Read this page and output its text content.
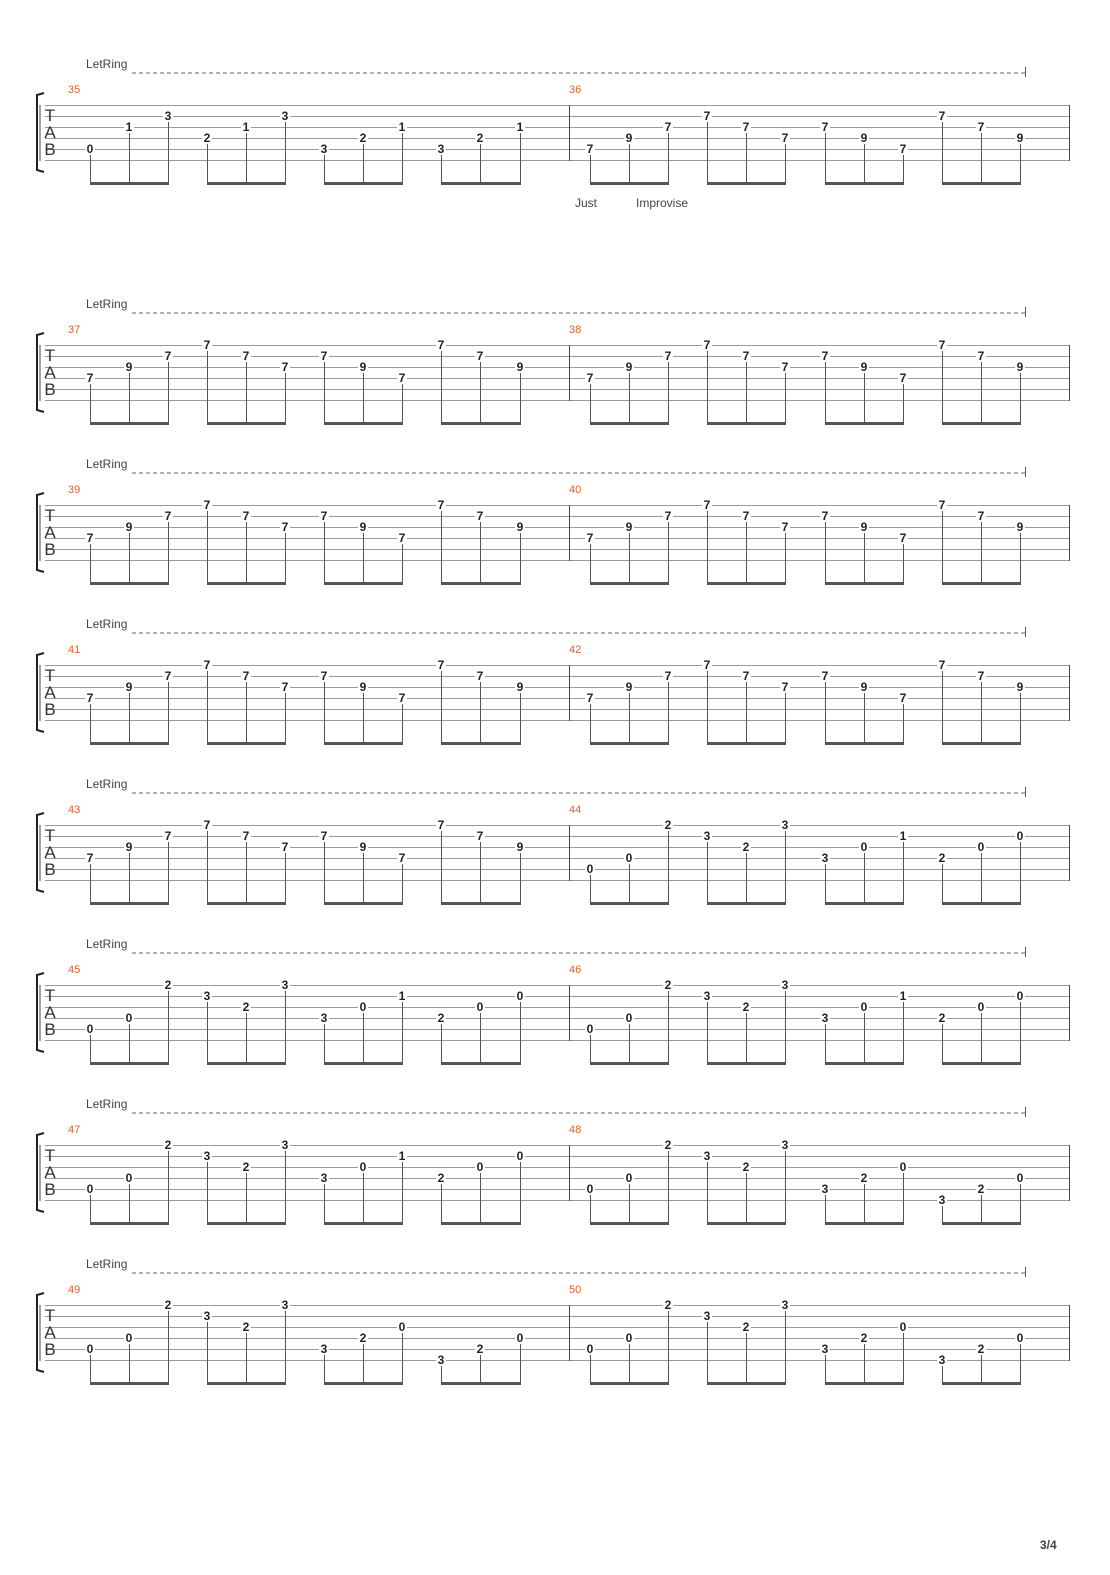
LetRing
T
A
B
35
0
1
3
2
1
3
3
2
1
3
2
1
36
7
9
7
7
7
7
7
9
7
7
7
9
Just	Improvise
LetRing
T
A
B
37
7
9
7
7
7
7
7
9
7
7
7
9
38
7
9
7
7
7
7
7
9
7
7
7
9
LetRing
T
A
B
39
7
9
7
7
7
7
7
9
7
7
7
9
40
7
9
7
7
7
7
7
9
7
7
7
9
LetRing
T
A
B
41
7
9
7
7
7
7
7
9
7
7
7
9
42
7
9
7
7
7
7
7
9
7
7
7
9
LetRing
T
A
B
43
7
9
7
7
7
7
7
9
7
7
7
9
44
0
0
2
3
2
3
3
0
1
2
0
0
LetRing
T
A
B
45
0
0
2
3
2
3
3
0
1
2
0
0
46
0
0
2
3
2
3
3
0
1
2
0
0
LetRing
T
A
B
47
0
0
2
3
2
3
3
0
1
2
0
0
48
0
0
2
3
2
3
3
2
0
3
2
0
LetRing
T
A
B
49
0
0
2
3
2
3
3
2
0
3
2
0
50
0
0
2
3
2
3
3
2
0
3
2
0
3/4
